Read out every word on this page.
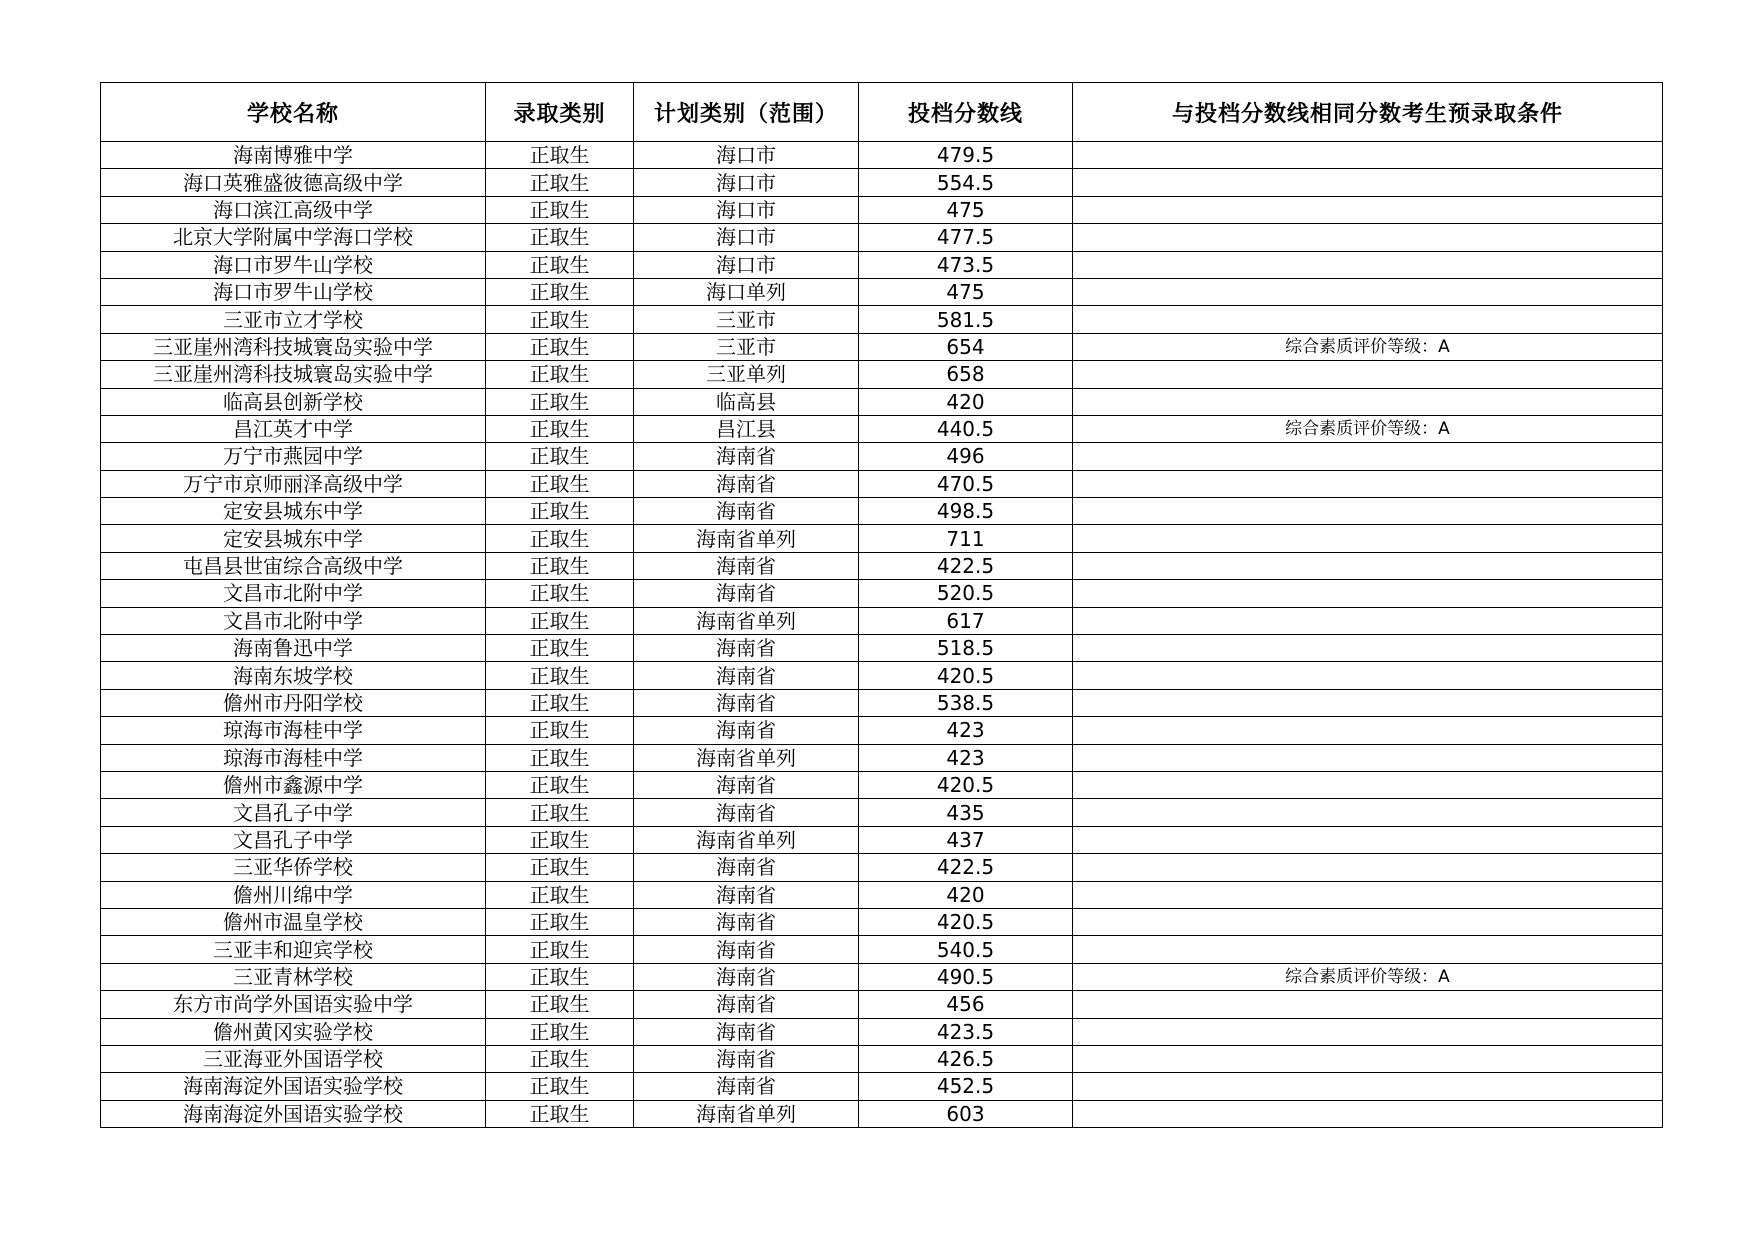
学校名称	录取类别	计划类别（范围）	投档分数线	与投档分数线相同分数考生预录取条件
海南博雅中学	正取生	海口市	479.5	
海口英雅盛彼德高级中学	正取生	海口市	554.5	
海口滨江高级中学	正取生	海口市	475	
北京大学附属中学海口学校	正取生	海口市	477.5	
海口市罗牛山学校	正取生	海口市	473.5	
海口市罗牛山学校	正取生	海口单列	475	
三亚市立才学校	正取生	三亚市	581.5	
三亚崖州湾科技城寰岛实验中学	正取生	三亚市	654	综合素质评价等级：A
三亚崖州湾科技城寰岛实验中学	正取生	三亚单列	658	
临高县创新学校	正取生	临高县	420	
昌江英才中学	正取生	昌江县	440.5	综合素质评价等级：A
万宁市燕园中学	正取生	海南省	496	
万宁市京师丽泽高级中学	正取生	海南省	470.5	
定安县城东中学	正取生	海南省	498.5	
定安县城东中学	正取生	海南省单列	711	
屯昌县世宙综合高级中学	正取生	海南省	422.5	
文昌市北附中学	正取生	海南省	520.5	
文昌市北附中学	正取生	海南省单列	617	
海南鲁迅中学	正取生	海南省	518.5	
海南东坡学校	正取生	海南省	420.5	
儋州市丹阳学校	正取生	海南省	538.5	
琼海市海桂中学	正取生	海南省	423	
琼海市海桂中学	正取生	海南省单列	423	
儋州市鑫源中学	正取生	海南省	420.5	
文昌孔子中学	正取生	海南省	435	
文昌孔子中学	正取生	海南省单列	437	
三亚华侨学校	正取生	海南省	422.5	
儋州川绵中学	正取生	海南省	420	
儋州市温皇学校	正取生	海南省	420.5	
三亚丰和迎宾学校	正取生	海南省	540.5	
三亚青林学校	正取生	海南省	490.5	综合素质评价等级：A
东方市尚学外国语实验中学	正取生	海南省	456	
儋州黄冈实验学校	正取生	海南省	423.5	
三亚海亚外国语学校	正取生	海南省	426.5	
海南海淀外国语实验学校	正取生	海南省	452.5	
海南海淀外国语实验学校	正取生	海南省单列	603	
